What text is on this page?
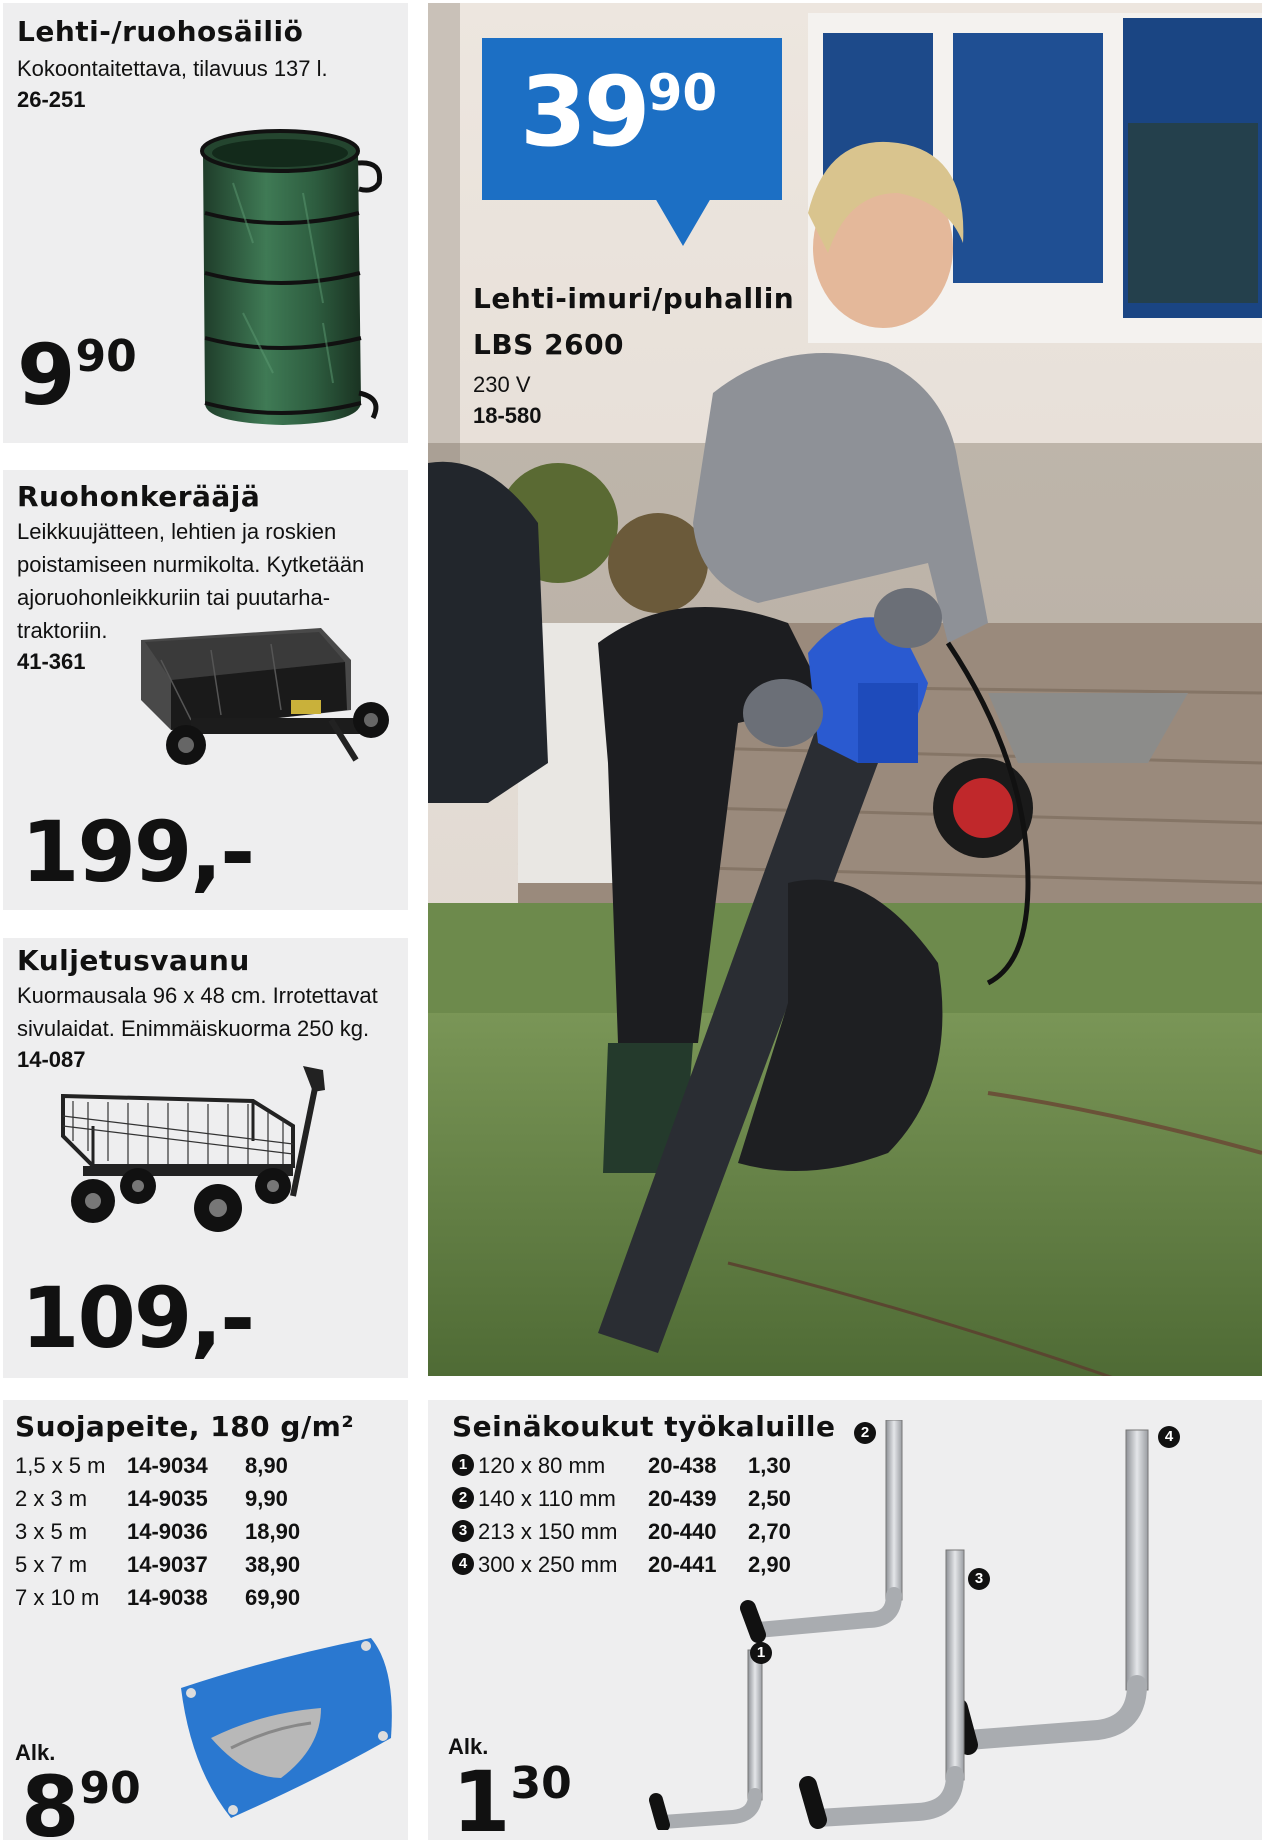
Lehti-/ruohosäiliö
Kokoontaitettava, tilavuus 137 l.
26-251
$9^{90}$
Ruohonkerääjä
Leikkuujätteen, lehtien ja roskien
poistamiseen nurmikolta. Kytketään
ajoruohonleikkuriin tai puutarha-
traktoriin.
41-361
199,-
Kuljetusvaunu
Kuormausala 96 x 48 cm. Irrotettavat
sivulaidat. Enimmäiskuorma 250 kg.
14-087
109,-
$39^{90}$
Lehti-imuri/puhallin
LBS 2600
230 V
18-580
Suojapeite, 180 g/m²
1,5 x 5 m	14-9034	8,90
2 x 3 m	14-9035	9,90
3 x 5 m	14-9036	18,90
5 x 7 m	14-9037	38,90
7 x 10 m	14-9038	69,90
Alk.
$8^{90}$
Seinäkoukut työkaluille
1 120 x 80 mm	20-438	1,30
2 140 x 110 mm	20-439	2,50
3 213 x 150 mm	20-440	2,70
4 300 x 250 mm	20-441	2,90
2	4
3
1
Alk.
$1^{30}$
